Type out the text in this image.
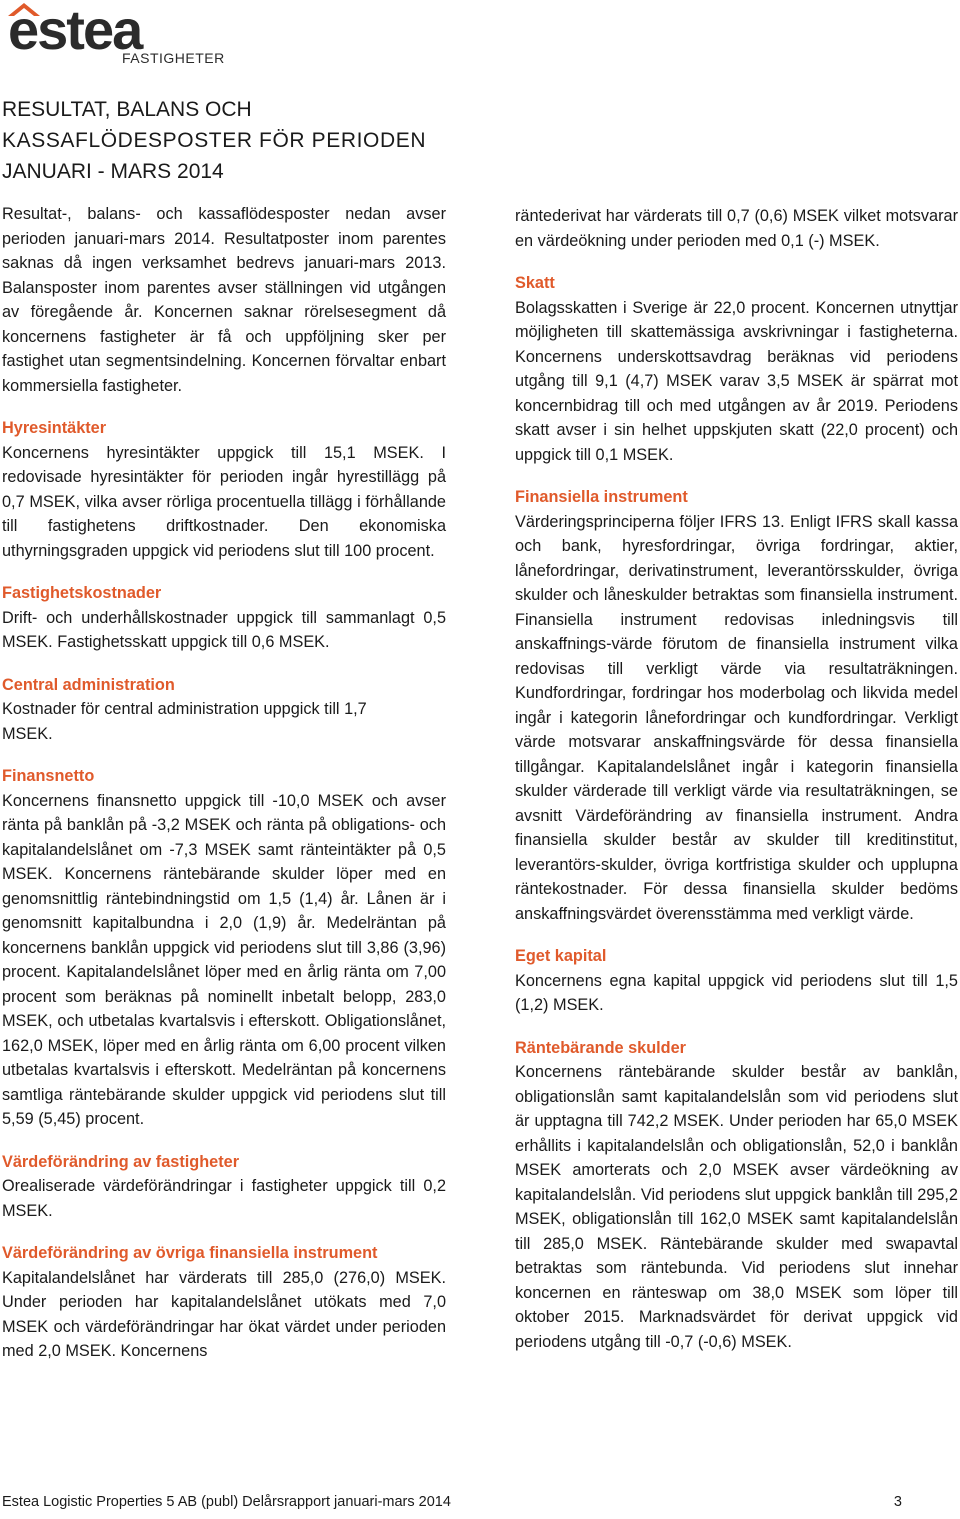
estea
FASTIGHETER
RESULTAT, BALANS OCH
KASSAFLÖDESPOSTER FÖR PERIODEN
JANUARI - MARS 2014

Resultat-, balans- och kassaflödesposter nedan avser perioden januari-mars 2014. Resultatposter inom parentes saknas då ingen verksamhet bedrevs januari-mars 2013. Balansposter inom parentes avser ställningen vid utgången av föregående år. Koncernen saknar rörelsesegment då koncernens fastigheter är få och uppföljning sker per fastighet utan segmentsindelning. Koncernen förvaltar enbart kommersiella fastigheter.

Hyresintäkter

Koncernens hyresintäkter uppgick till 15,1 MSEK. I redovisade hyresintäkter för perioden ingår hyrestillägg på 0,7 MSEK, vilka avser rörliga procentuella tillägg i förhållande till fastighetens driftkostnader. Den ekonomiska uthyrningsgraden uppgick vid periodens slut till 100 procent.

Fastighetskostnader

Drift- och underhållskostnader uppgick till sammanlagt 0,5 MSEK. Fastighetsskatt uppgick till 0,6 MSEK.

Central administration

Kostnader för central administration uppgick till 1,7 MSEK.

Finansnetto

Koncernens finansnetto uppgick till -10,0 MSEK och avser ränta på banklån på -3,2 MSEK och ränta på obligations- och kapitalandelslånet om -7,3 MSEK samt ränteintäkter på 0,5 MSEK. Koncernens räntebärande skulder löper med en genomsnittlig räntebindningstid om 1,5 (1,4) år. Lånen är i genomsnitt kapitalbundna i 2,0 (1,9) år. Medelräntan på koncernens banklån uppgick vid periodens slut till 3,86 (3,96) procent. Kapitalandelslånet löper med en årlig ränta om 7,00 procent som beräknas på nominellt inbetalt belopp, 283,0 MSEK, och utbetalas kvartalsvis i efterskott. Obligationslånet, 162,0 MSEK, löper med en årlig ränta om 6,00 procent vilken utbetalas kvartalsvis i efterskott. Medelräntan på koncernens samtliga räntebärande skulder uppgick vid periodens slut till 5,59 (5,45) procent.

Värdeförändring av fastigheter

Orealiserade värdeförändringar i fastigheter uppgick till 0,2 MSEK.

Värdeförändring av övriga finansiella instrument

Kapitalandelslånet har värderats till 285,0 (276,0) MSEK. Under perioden har kapitalandelslånet utökats med 7,0 MSEK och värdeförändringar har ökat värdet under perioden med 2,0 MSEK. Koncernens

räntederivat har värderats till 0,7 (0,6) MSEK vilket motsvarar en värdeökning under perioden med 0,1 (-) MSEK.

Skatt

Bolagsskatten i Sverige är 22,0 procent. Koncernen utnyttjar möjligheten till skattemässiga avskrivningar i fastigheterna. Koncernens underskottsavdrag beräknas vid periodens utgång till 9,1 (4,7) MSEK varav 3,5 MSEK är spärrat mot koncernbidrag till och med utgången av år 2019. Periodens skatt avser i sin helhet uppskjuten skatt (22,0 procent) och uppgick till 0,1 MSEK.

Finansiella instrument

Värderingsprinciperna följer IFRS 13. Enligt IFRS skall kassa och bank, hyresfordringar, övriga fordringar, aktier, lånefordringar, derivatinstrument, leverantörsskulder, övriga skulder och låneskulder betraktas som finansiella instrument. Finansiella instrument redovisas inledningsvis till anskaffnings-värde förutom de finansiella instrument vilka redovisas till verkligt värde via resultaträkningen. Kundfordringar, fordringar hos moderbolag och likvida medel ingår i kategorin lånefordringar och kundfordringar. Verkligt värde motsvarar anskaffningsvärde för dessa finansiella tillgångar. Kapitalandelslånet ingår i kategorin finansiella skulder värderade till verkligt värde via resultaträkningen, se avsnitt Värdeförändring av finansiella instrument. Andra finansiella skulder består av skulder till kreditinstitut, leverantörs-skulder, övriga kortfristiga skulder och upplupna räntekostnader. För dessa finansiella skulder bedöms anskaffningsvärdet överensstämma med verkligt värde.

Eget kapital

Koncernens egna kapital uppgick vid periodens slut till 1,5 (1,2) MSEK.

Räntebärande skulder

Koncernens räntebärande skulder består av banklån, obligationslån samt kapitalandelslån som vid periodens slut är upptagna till 742,2 MSEK. Under perioden har 65,0 MSEK erhållits i kapitalandelslån och obligationslån, 52,0 i banklån MSEK amorterats och 2,0 MSEK avser värdeökning av kapitalandelslån. Vid periodens slut uppgick banklån till 295,2 MSEK, obligationslån till 162,0 MSEK samt kapitalandelslån till 285,0 MSEK. Räntebärande skulder med swapavtal betraktas som räntebunda. Vid periodens slut innehar koncernen en ränteswap om 38,0 MSEK som löper till oktober 2015. Marknadsvärdet för derivat uppgick vid periodens utgång till -0,7 (-0,6) MSEK.

Estea Logistic Properties 5 AB (publ) Delårsrapport januari-mars 2014	3
